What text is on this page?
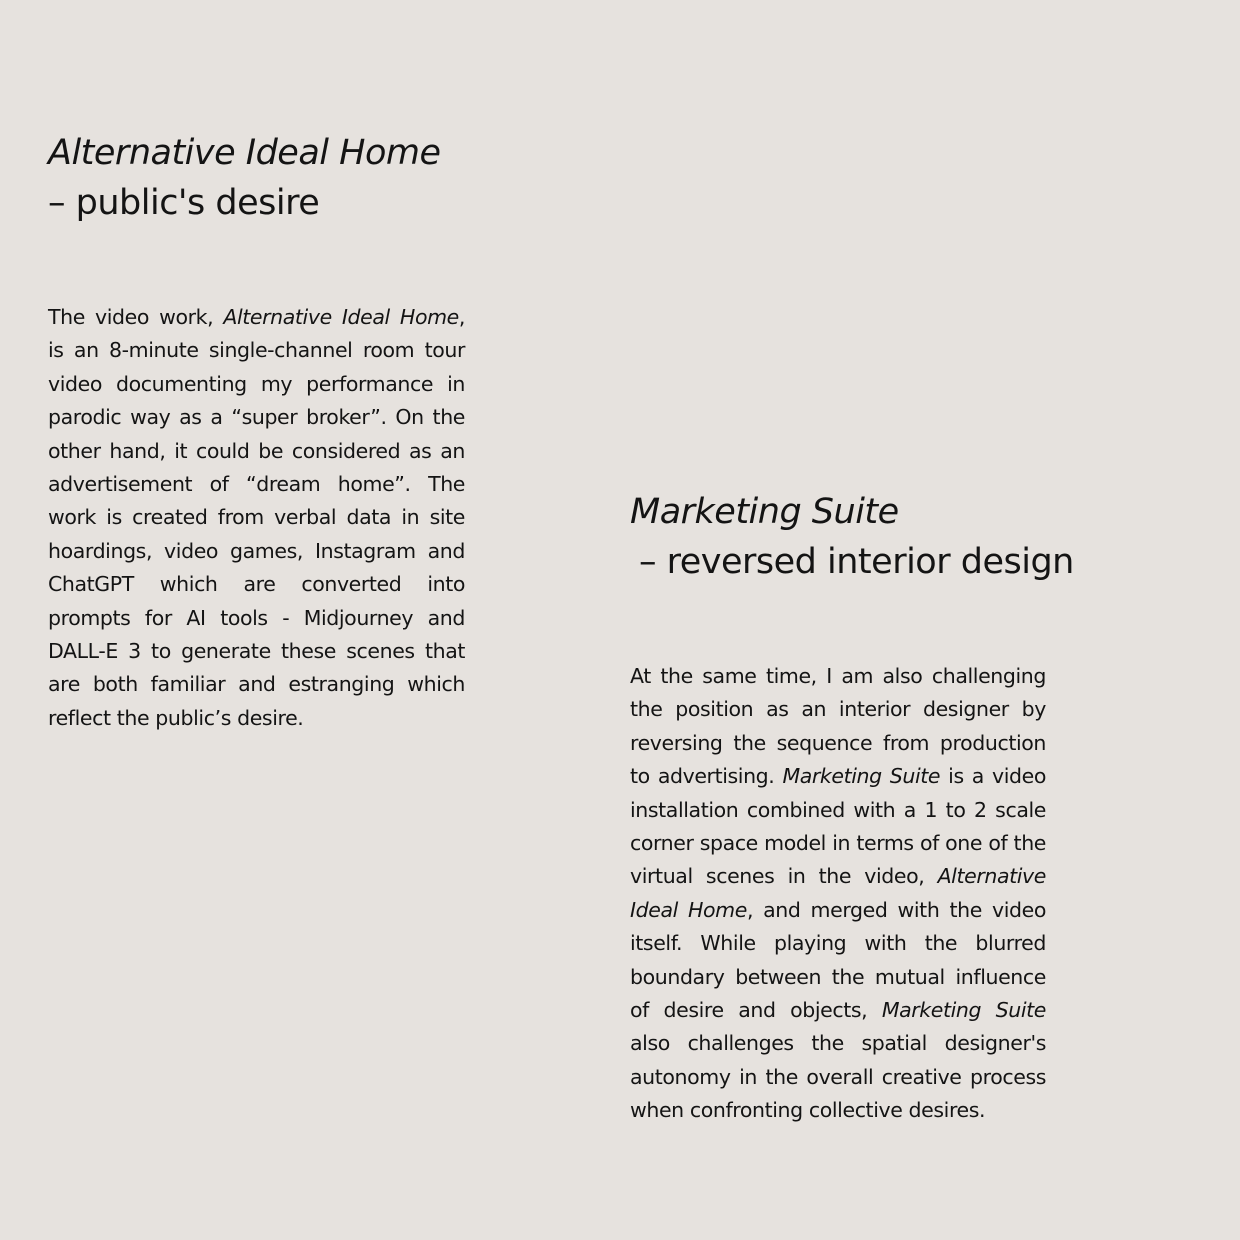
Alternative Ideal Home
– public's desire

The video work, Alternative Ideal Home, is an 8-minute single-channel room tour video documenting my performance in parodic way as a “super broker”. On the other hand, it could be considered as an advertisement of “dream home”. The work is created from verbal data in site hoardings, video games, Instagram and ChatGPT which are converted into prompts for AI tools - Midjourney and DALL-E 3 to generate these scenes that are both familiar and estranging which reflect the public’s desire.

Marketing Suite
– reversed interior design

At the same time, I am also challenging the position as an interior designer by reversing the sequence from production to advertising. Marketing Suite is a video installation combined with a 1 to 2 scale corner space model in terms of one of the virtual scenes in the video, Alternative Ideal Home, and merged with the video itself. While playing with the blurred boundary between the mutual influence of desire and objects, Marketing Suite also challenges the spatial designer's autonomy in the overall creative process when confronting collective desires.
